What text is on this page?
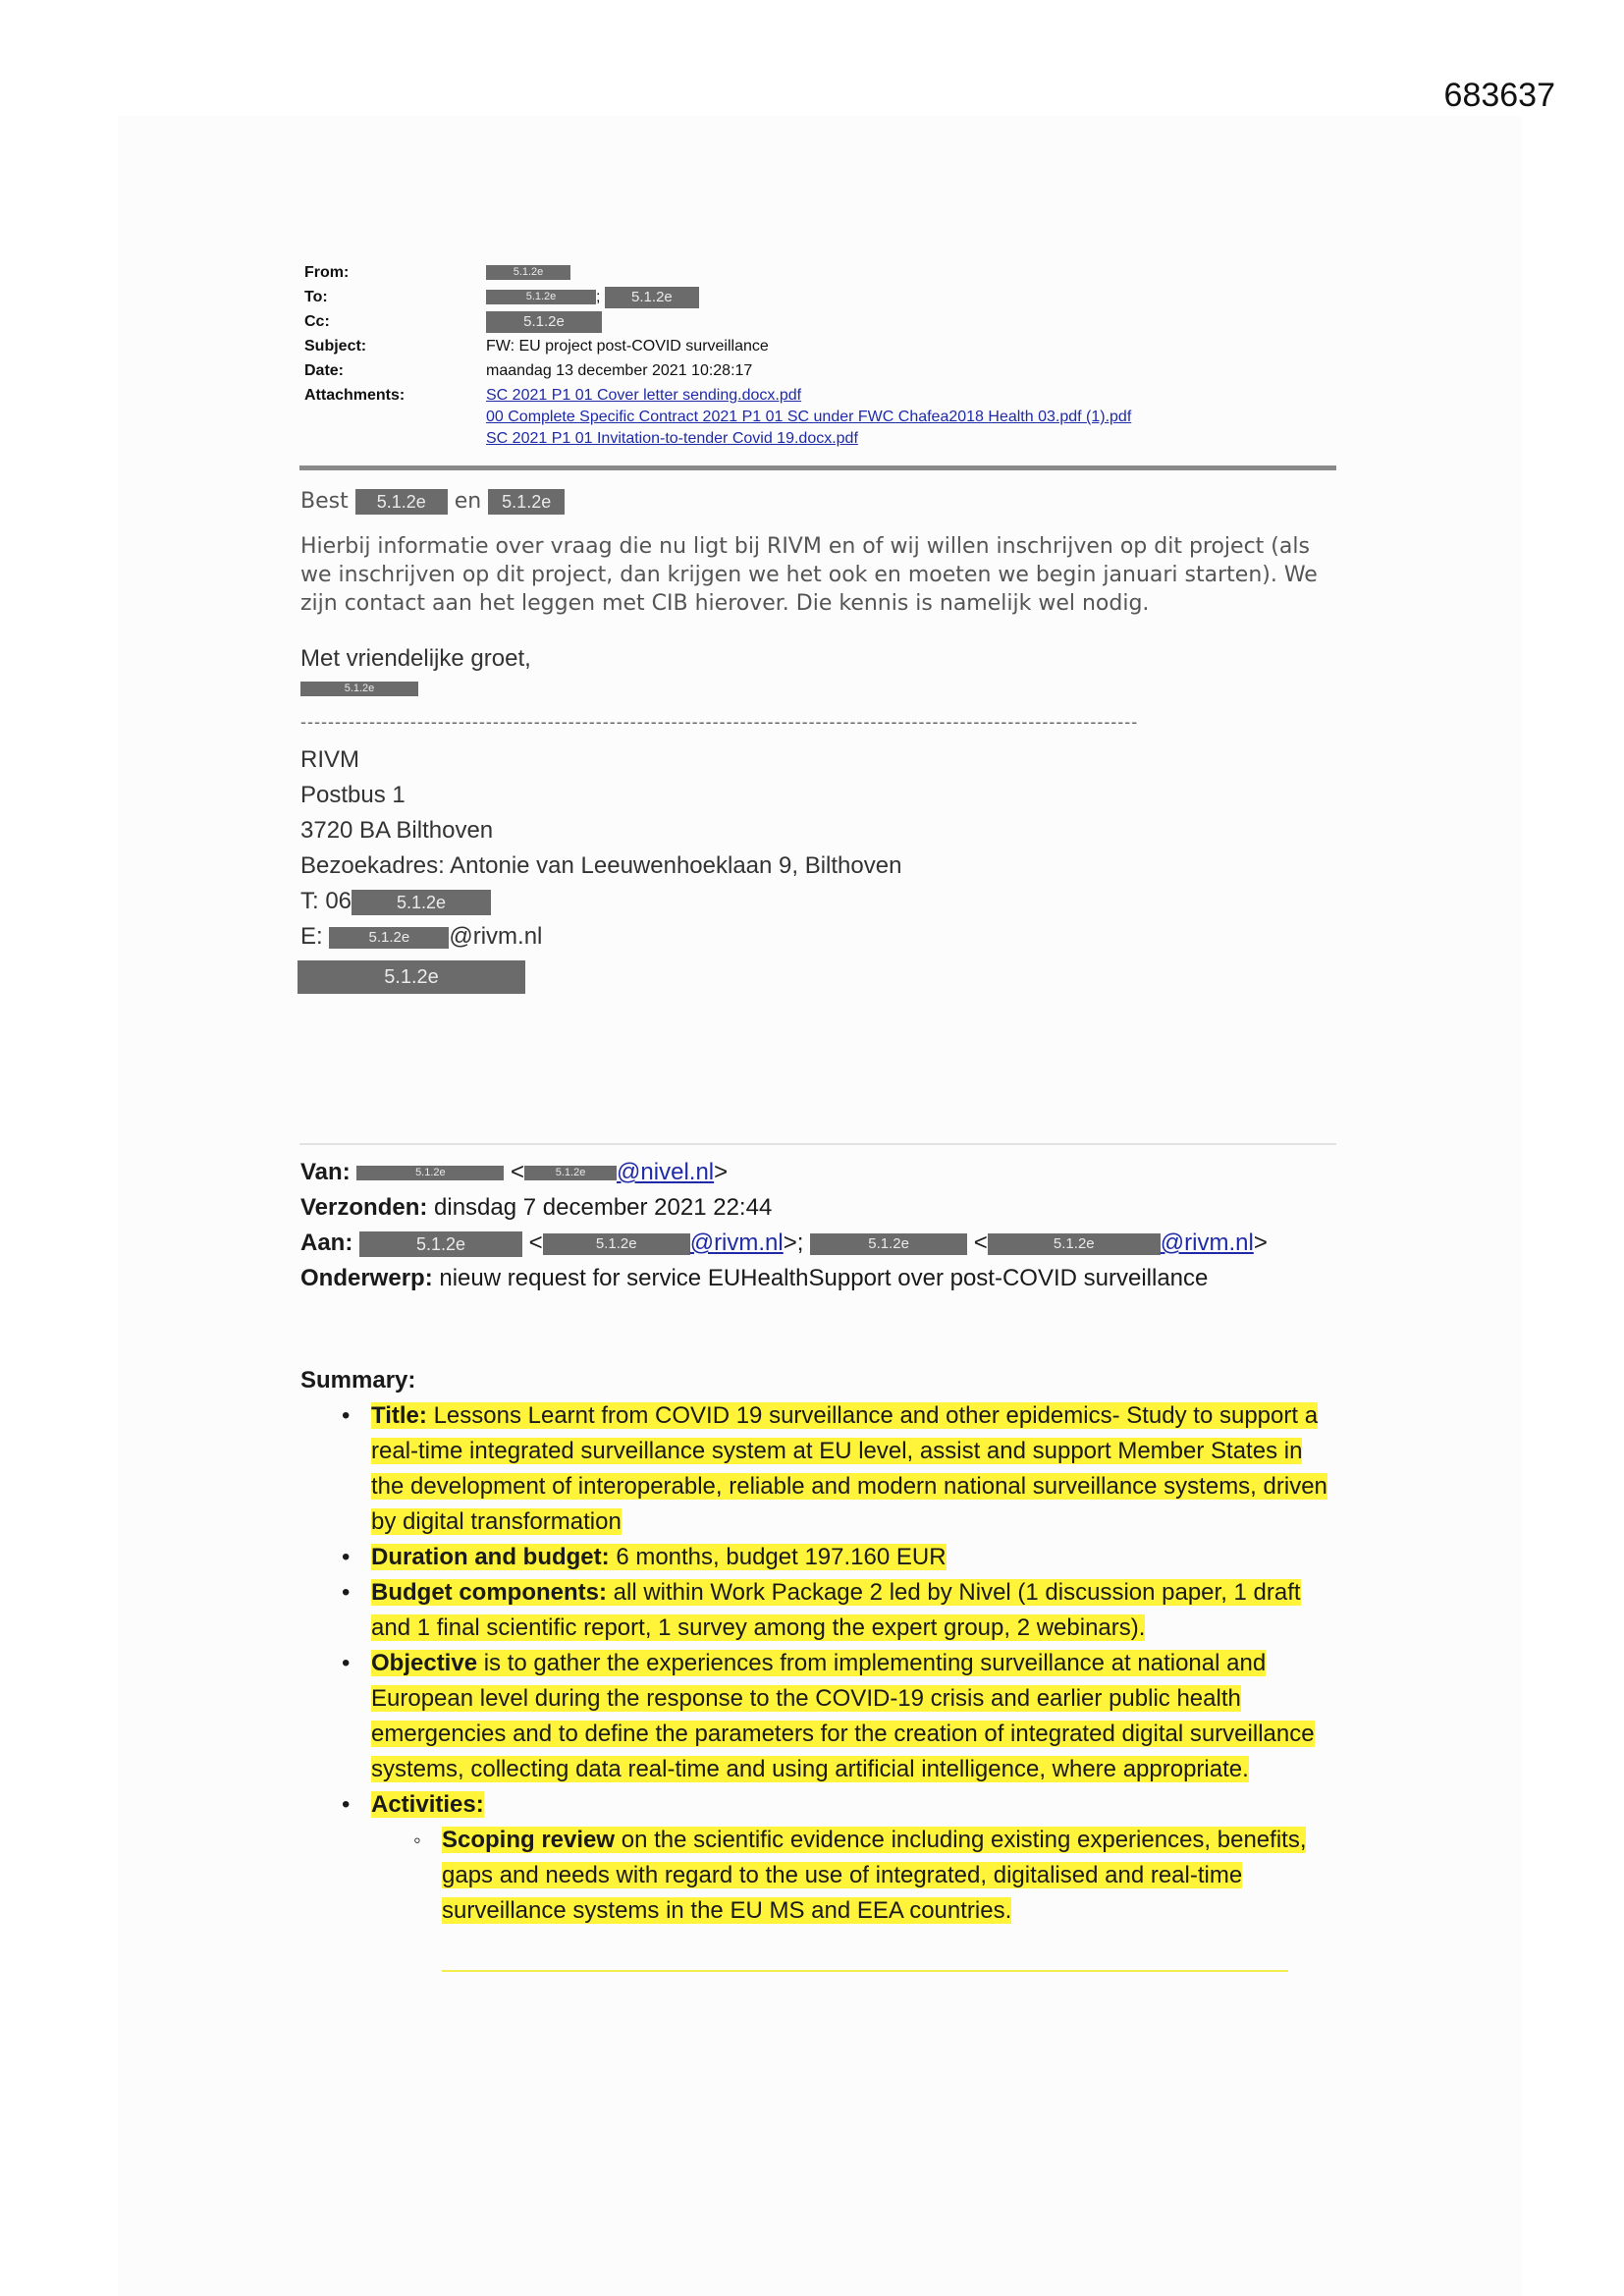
683637
From:	5.1.2e
To:	5.1.2e	; 5.1.2e
Cc:	5.1.2e
Subject:	FW: EU project post-COVID surveillance
Date:	maandag 13 december 2021 10:28:17
Attachments:	SC 2021 P1 01 Cover letter sending.docx.pdf
00 Complete Specific Contract 2021 P1 01 SC under FWC Chafea2018 Health 03.pdf (1).pdf
SC 2021 P1 01 Invitation-to-tender Covid 19.docx.pdf
Best 5.1.2e en 5.1.2e
Hierbij informatie over vraag die nu ligt bij RIVM en of wij willen inschrijven op dit project (als we inschrijven op dit project, dan krijgen we het ook en moeten we begin januari starten). We zijn contact aan het leggen met CIB hierover. Die kennis is namelijk wel nodig.
Met vriendelijke groet,
5.1.2e
--------------------------------------------------------------------------------------------------------------------------
RIVM
Postbus 1
3720 BA Bilthoven
Bezoekadres: Antonie van Leeuwenhoeklaan 9, Bilthoven
T: 06	5.1.2e
E:	5.1.2e @rivm.nl
5.1.2e
Van:	5.1.2e <	5.1.2e @nivel.nl>
Verzonden: dinsdag 7 december 2021 22:44
Aan:	5.1.2e <	5.1.2e @rivm.nl>;	5.1.2e <	5.1.2e	@rivm.nl>
Onderwerp: nieuw request for service EUHealthSupport over post-COVID surveillance
Summary:
• Title: Lessons Learnt from COVID 19 surveillance and other epidemics- Study to support a real-time integrated surveillance system at EU level, assist and support Member States in the development of interoperable, reliable and modern national surveillance systems, driven by digital transformation
• Duration and budget: 6 months, budget 197.160 EUR
• Budget components: all within Work Package 2 led by Nivel (1 discussion paper, 1 draft and 1 final scientific report, 1 survey among the expert group, 2 webinars).
• Objective is to gather the experiences from implementing surveillance at national and European level during the response to the COVID-19 crisis and earlier public health emergencies and to define the parameters for the creation of integrated digital surveillance systems, collecting data real-time and using artificial intelligence, where appropriate.
• Activities:
◦ Scoping review on the scientific evidence including existing experiences, benefits, gaps and needs with regard to the use of integrated, digitalised and real-time surveillance systems in the EU MS and EEA countries.
